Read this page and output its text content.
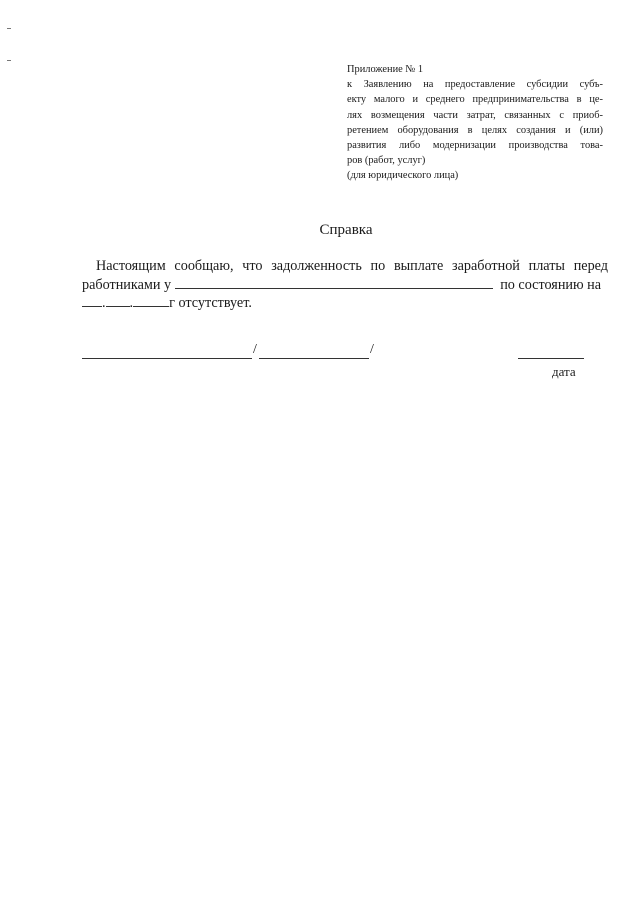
Приложение № 1
к Заявлению на предоставление субсидии субъ-
екту малого и среднего предпринимательства в це-
лях возмещения части затрат, связанных с приоб-
ретением оборудования в целях создания и (или)
развития либо модернизации производства това-
ров (работ, услуг)
(для юридического лица)
Справка
Настоящим сообщаю, что задолженность по выплате заработной платы перед
работниками у	по состоянию на
. .	г отсутствует.
/	/
дата
